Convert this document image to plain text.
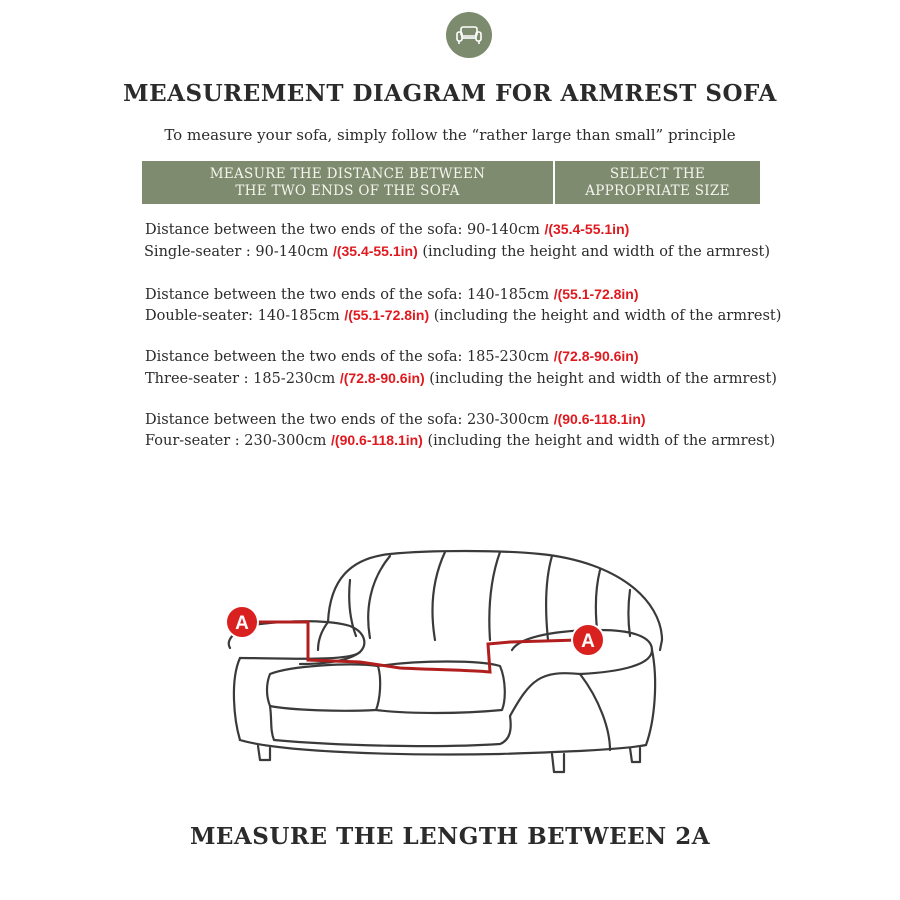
MEASUREMENT DIAGRAM FOR ARMREST SOFA
To measure your sofa, simply follow the “rather large than small” principle
MEASURE THE DISTANCE BETWEEN
THE TWO ENDS OF THE SOFA
SELECT THE
APPROPRIATE SIZE
Distance between the two ends of the sofa: 90-140cm /(35.4-55.1in)
Single-seater : 90-140cm /(35.4-55.1in) (including the height and width of the armrest)
Distance between the two ends of the sofa: 140-185cm /(55.1-72.8in)
Double-seater: 140-185cm /(55.1-72.8in) (including the height and width of the armrest)
Distance between the two ends of the sofa: 185-230cm /(72.8-90.6in)
Three-seater : 185-230cm /(72.8-90.6in) (including the height and width of the armrest)
Distance between the two ends of the sofa: 230-300cm /(90.6-118.1in)
Four-seater : 230-300cm /(90.6-118.1in) (including the height and width of the armrest)
A
A
MEASURE THE LENGTH BETWEEN 2A
